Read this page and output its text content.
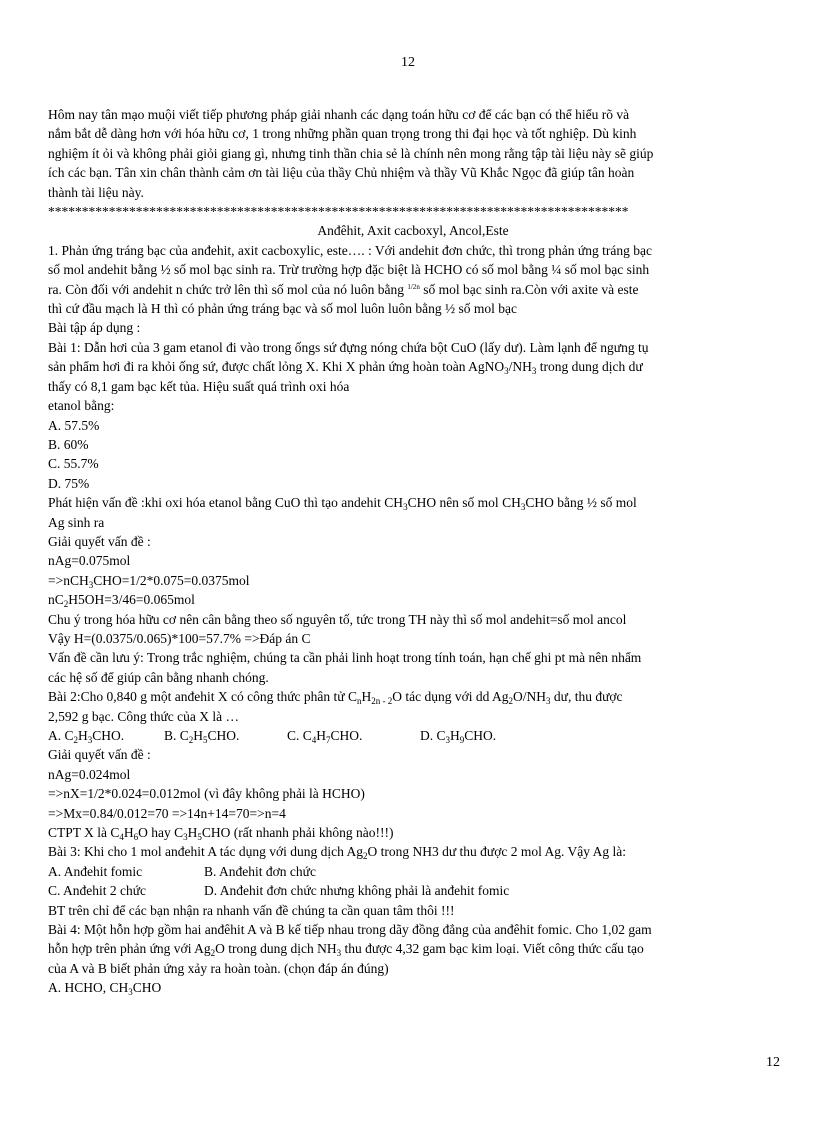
12
Hôm nay tân mạo muội viết tiếp phương pháp giải nhanh các dạng toán hữu cơ để các bạn có thể hiểu rõ và
nắm bắt dễ dàng hơn với hóa hữu cơ, 1 trong những phần quan trọng trong thi đại học và tốt nghiệp. Dù kinh
nghiệm ít ỏi và không phải giỏi giang gì, nhưng tinh thần chia sẻ là chính nên mong rằng tập tài liệu này sẽ giúp
ích các bạn. Tân xin chân thành cảm ơn tài liệu của thầy Chủ nhiệm và thầy Vũ Khắc Ngọc đã giúp tân hoàn
thành tài liệu này.
**************************************************************************************
Anđêhit, Axit cacboxyl, Ancol,Este
1. Phản ứng tráng bạc của anđehit, axit cacboxylic, este…. : Với andehit đơn chức, thì trong phản ứng tráng bạc
số mol andehit bằng ½ số mol bạc sinh ra. Trừ trường hợp đặc biệt là HCHO có số mol bằng ¼ số mol bạc sinh
ra. Còn đối với andehit n chức trở lên thì số mol của nó luôn bằng $^{1/2n}$ số mol bạc sinh ra.Còn với axite và este
thì cứ đầu mạch là H thì có phản ứng tráng bạc và số mol luôn luôn bằng ½ số mol bạc
Bài tập áp dụng :
Bài 1: Dẫn hơi của 3 gam etanol đi vào trong ốngs sứ đựng nóng chứa bột CuO (lấy dư). Làm lạnh để ngưng tụ
sản phẩm hơi đi ra khỏi ống sứ, được chất lỏng X. Khi X phản ứng hoàn toàn $AgNO_3/NH_3$ trong dung dịch dư
thấy có 8,1 gam bạc kết tủa. Hiệu suất quá trình oxi hóa
etanol bằng:
A. 57.5%
B. 60%
C. 55.7%
D. 75%
Phát hiện vấn đề :khi oxi hóa etanol bằng CuO thì tạo andehit $CH_3CHO$ nên số mol $CH_3CHO$ bằng ½ số mol
Ag sinh ra
Giải quyết vấn đề :
nAg=0.075mol
=>nCH$_3$CHO=1/2*0.075=0.0375mol
$nC_2H5OH=3/46=0.065mol$
Chu ý trong hóa hữu cơ nên cân bằng theo số nguyên tố, tức trong TH này thì số mol andehit=số mol ancol
Vậy H=(0.0375/0.065)*100=57.7% =>Đáp án C
Vấn đề cần lưu ý: Trong trắc nghiệm, chúng ta cần phải linh hoạt trong tính toán, hạn chế ghi pt mà nên nhẩm
các hệ số để giúp cân bằng nhanh chóng.
Bài 2:Cho 0,840 g một anđehit X có công thức phân tử $C_nH_{2n - 2}O$ tác dụng với dd $Ag_2O/NH_3$ dư, thu được
2,592 g bạc. Công thức của X là …
A. $C_2H_3CHO$.	B. $C_2H_5CHO$.	C. $C_4H_7CHO$.	D. $C_3H_9CHO$.
Giải quyết vấn đề :
nAg=0.024mol
=>nX=1/2*0.024=0.012mol (vì đây không phải là HCHO)
=>Mx=0.84/0.012=70 =>14n+14=70=>n=4
CTPT X là $C_4H_6O$ hay $C_3H_5CHO$ (rất nhanh phải không nào!!!)
Bài 3: Khi cho 1 mol anđehit A tác dụng với dung dịch $Ag_2O$ trong NH3 dư thu được 2 mol Ag. Vậy Ag là:
A. Anđehit fomic	B. Anđehit đơn chức
C. Anđehit 2 chức	D. Anđehit đơn chức nhưng không phải là anđehit fomic
BT trên chỉ để các bạn nhận ra nhanh vấn đề chúng ta cần quan tâm thôi !!!
Bài 4: Một hỗn hợp gồm hai anđêhit A và B kế tiếp nhau trong dãy đồng đẳng của anđêhit fomic. Cho 1,02 gam
hỗn hợp trên phản ứng với $Ag_2O$ trong dung dịch $NH_3$ thu được 4,32 gam bạc kim loại. Viết công thức cấu tạo
của A và B biết phản ứng xảy ra hoàn toàn. (chọn đáp án đúng)
A. HCHO, $CH_3CHO$
12
